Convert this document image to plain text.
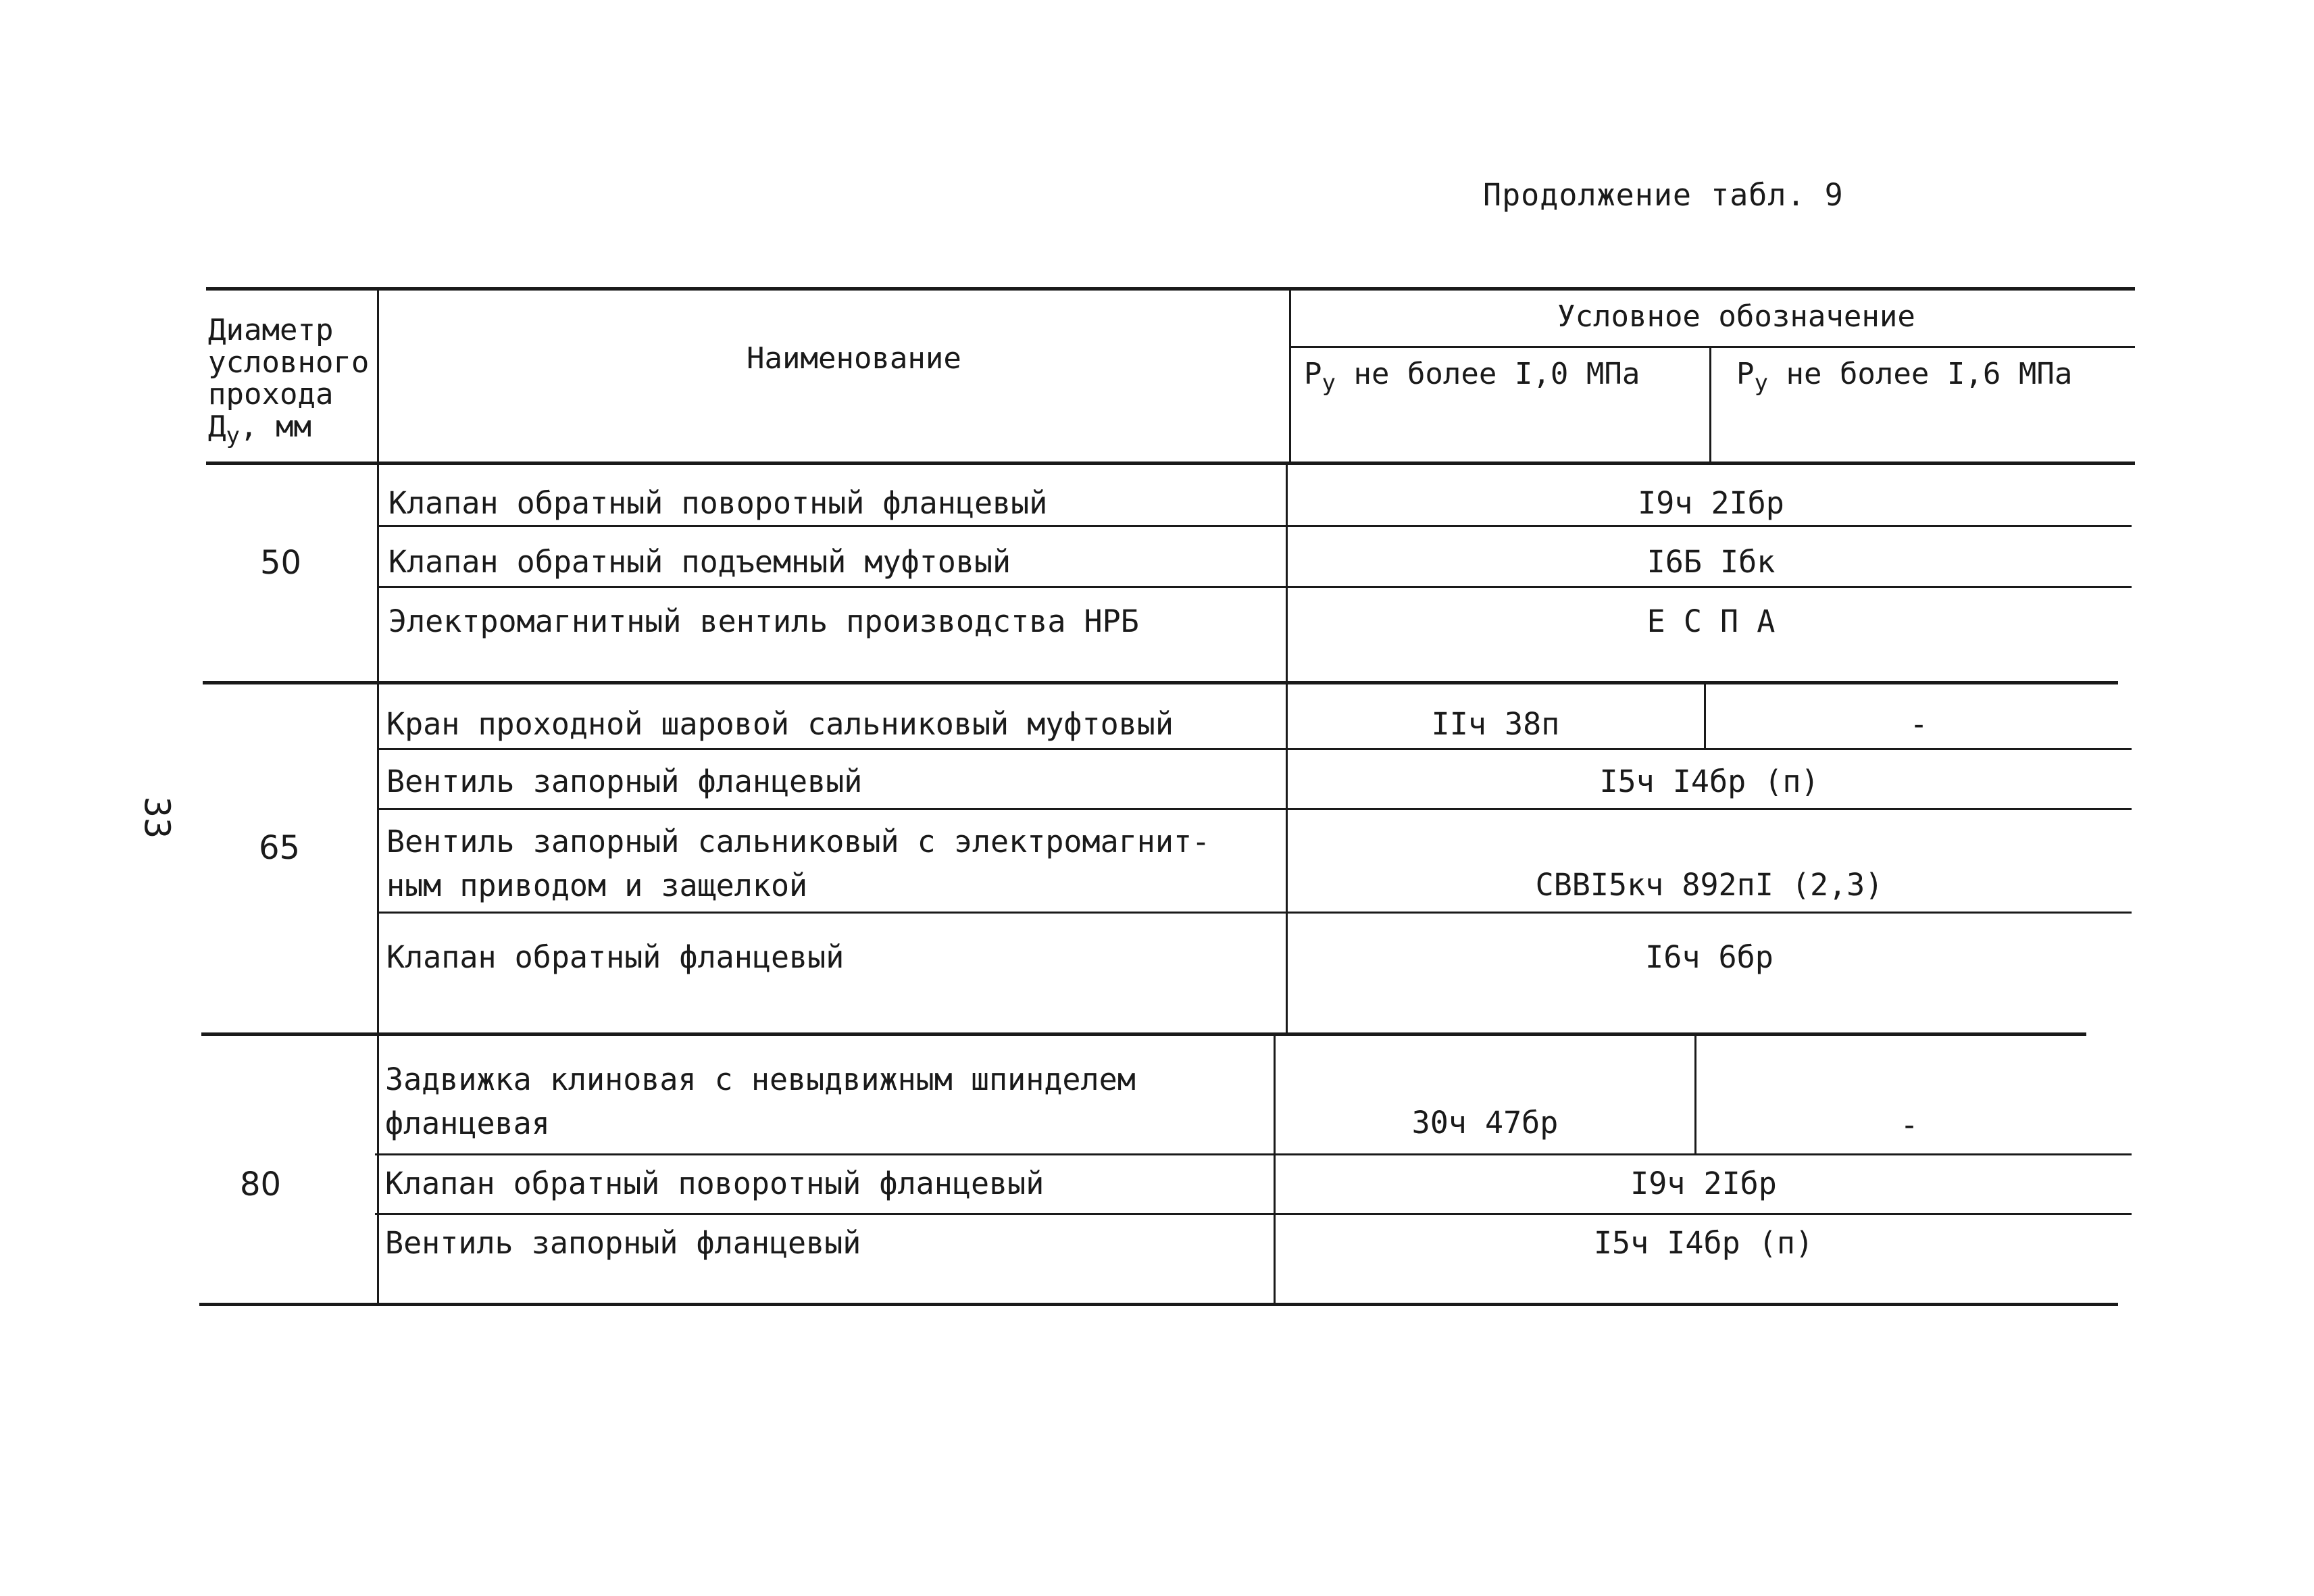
Продолжение табл. 9
33
Диаметр
условного
прохода
$Д_у$, мм
Наименование
Условное обозначение
$Р_у$ не более I,0 МПа	$Р_у$ не более I,6 МПа
50
Клапан обратный поворотный фланцевый	I9ч 2Iбр
Клапан обратный подъемный муфтовый	I6Б Iбк
Электромагнитный вентиль производства НРБ	Е С П А
65
Кран проходной шаровой сальниковый муфтовый	IIч 38п	-
Вентиль запорный фланцевый	I5ч I4бр (п)
Вентиль запорный сальниковый с электромагнит-
ным приводом и защелкой	СВВI5кч 892пI (2,3)
Клапан обратный фланцевый	I6ч 6бр
80
Задвижка клиновая с невыдвижным шпинделем
фланцевая	30ч 47бр	-
Клапан обратный поворотный фланцевый	I9ч 2Iбр
Вентиль запорный фланцевый	I5ч I4бр (п)
